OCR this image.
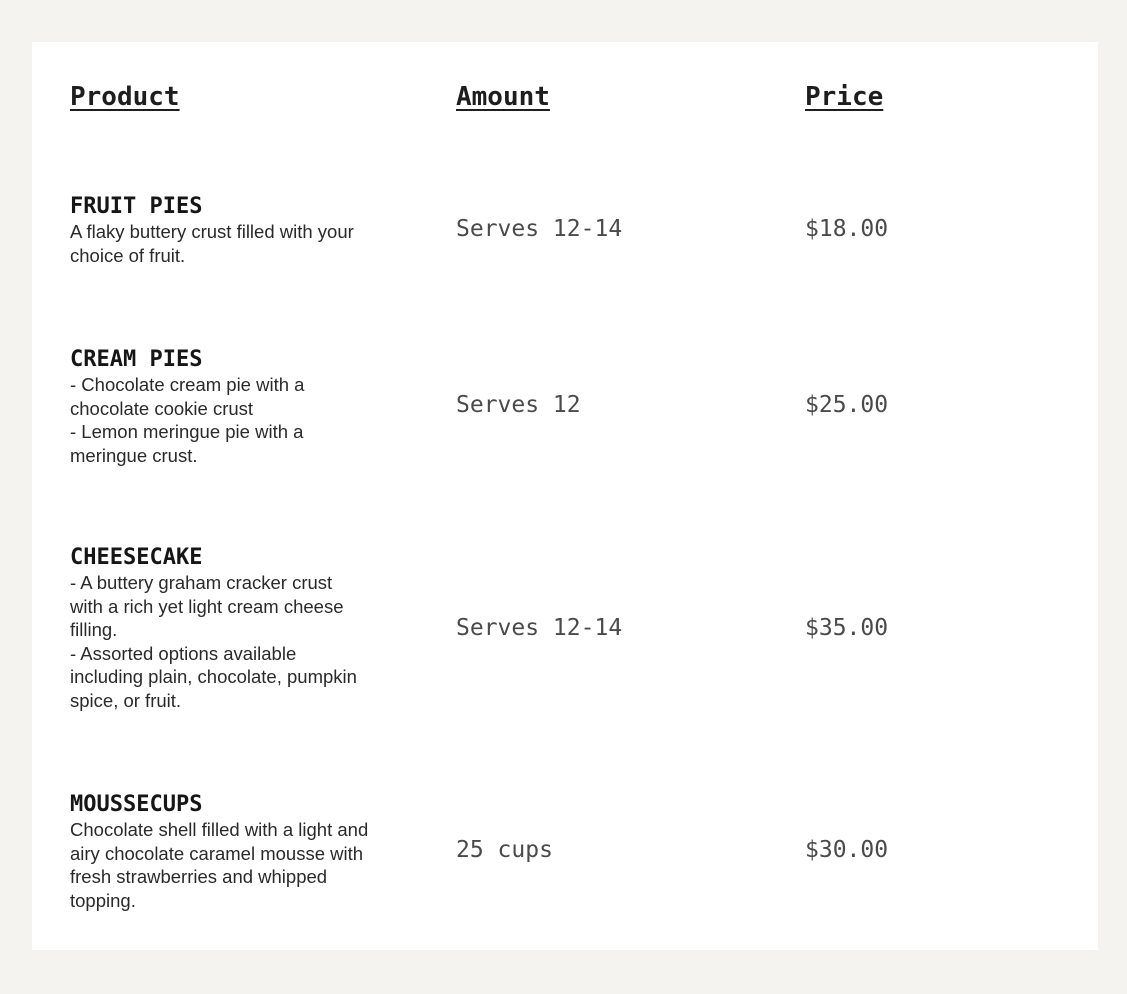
Product	Amount	Price
FRUIT PIES
A flaky buttery crust filled with your choice of fruit.
Serves 12-14	$18.00
CREAM PIES
- Chocolate cream pie with a chocolate cookie crust
- Lemon meringue pie with a meringue crust.
Serves 12	$25.00
CHEESECAKE
- A buttery graham cracker crust with a rich yet light cream cheese filling.
- Assorted options available including plain, chocolate, pumpkin spice, or fruit.
Serves 12-14	$35.00
MOUSSECUPS
Chocolate shell filled with a light and airy chocolate caramel mousse with fresh strawberries and whipped topping.
25 cups	$30.00
